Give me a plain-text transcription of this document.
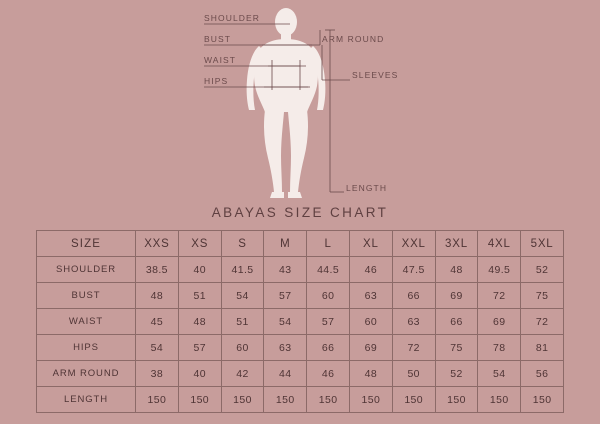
SHOULDER
BUST
WAIST
HIPS
ARM ROUND
SLEEVES
LENGTH
ABAYAS SIZE CHART
SIZE	XXS	XS	S	M	L	XL	XXL	3XL	4XL	5XL
SHOULDER	38.5	40	41.5	43	44.5	46	47.5	48	49.5	52
BUST	48	51	54	57	60	63	66	69	72	75
WAIST	45	48	51	54	57	60	63	66	69	72
HIPS	54	57	60	63	66	69	72	75	78	81
ARM ROUND	38	40	42	44	46	48	50	52	54	56
LENGTH	150	150	150	150	150	150	150	150	150	150
